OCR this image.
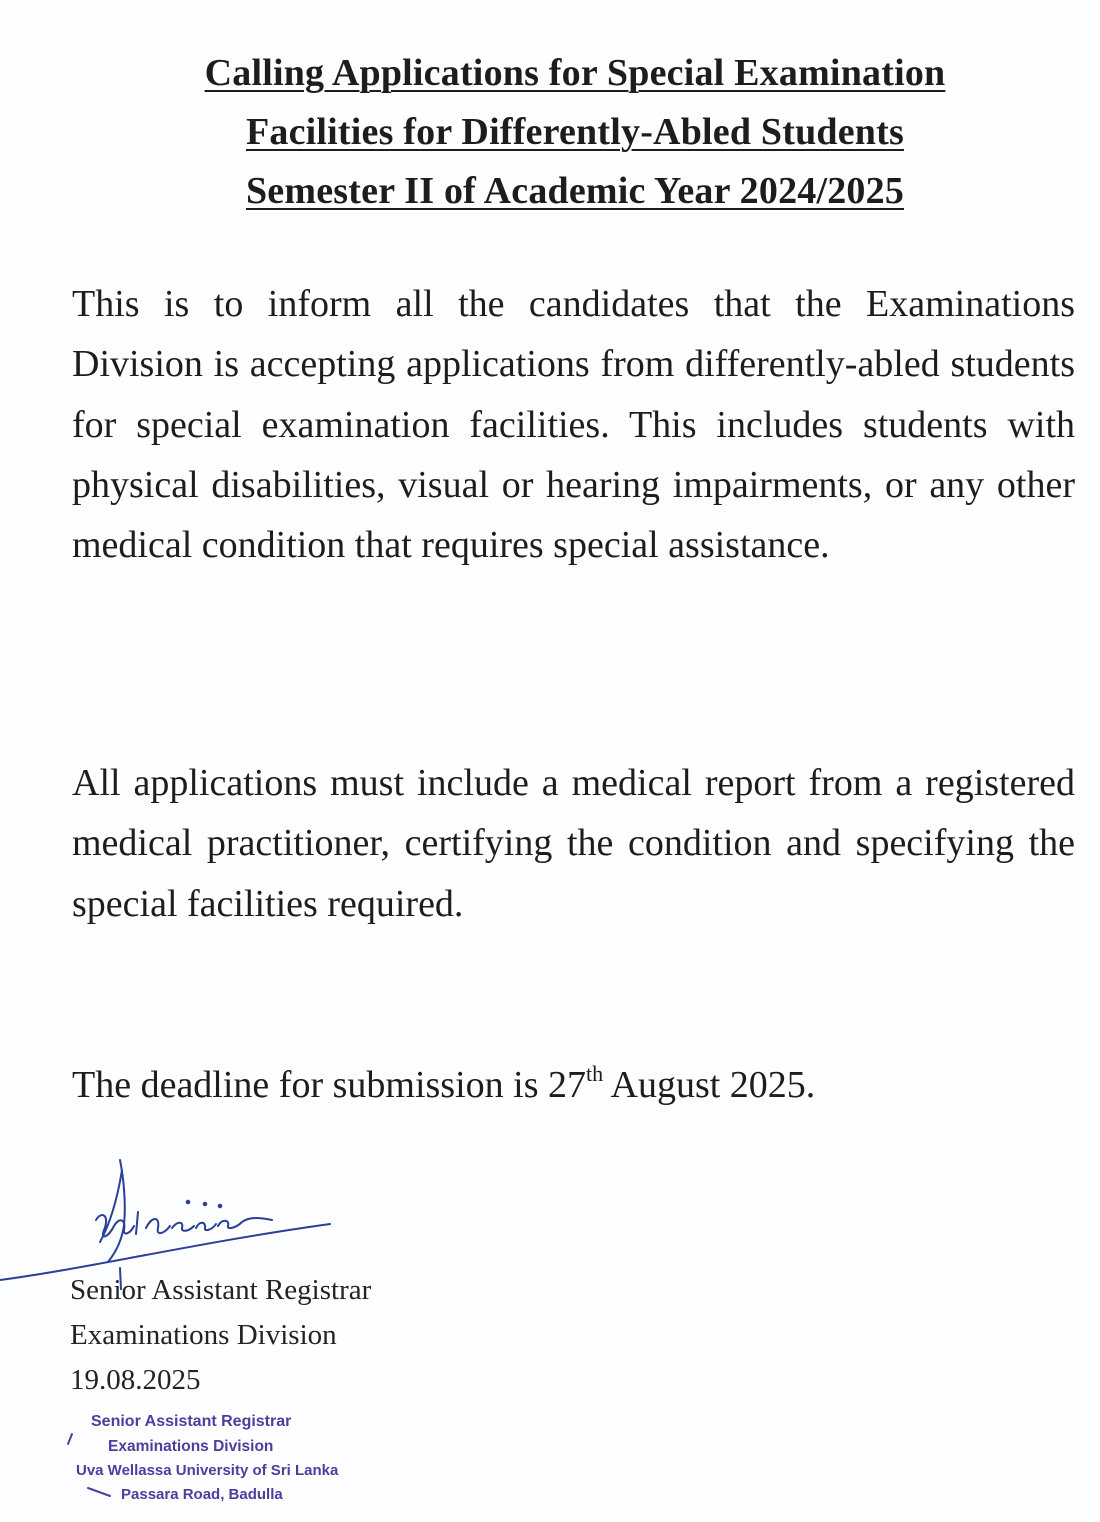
Calling Applications for Special Examination
Facilities for Differently-Abled Students
Semester II of Academic Year 2024/2025

This is to inform all the candidates that the Examinations Division is accepting applications from differently-abled students for special examination facilities. This includes students with physical disabilities, visual or hearing impairments, or any other medical condition that requires special assistance.

All applications must include a medical report from a registered medical practitioner, certifying the condition and specifying the special facilities required.

The deadline for submission is 27th August 2025.

Senior Assistant Registrar
Examinations Division
19.08.2025
Senior Assistant Registrar
Examinations Division
Uva Wellassa University of Sri Lanka
Passara Road, Badulla
